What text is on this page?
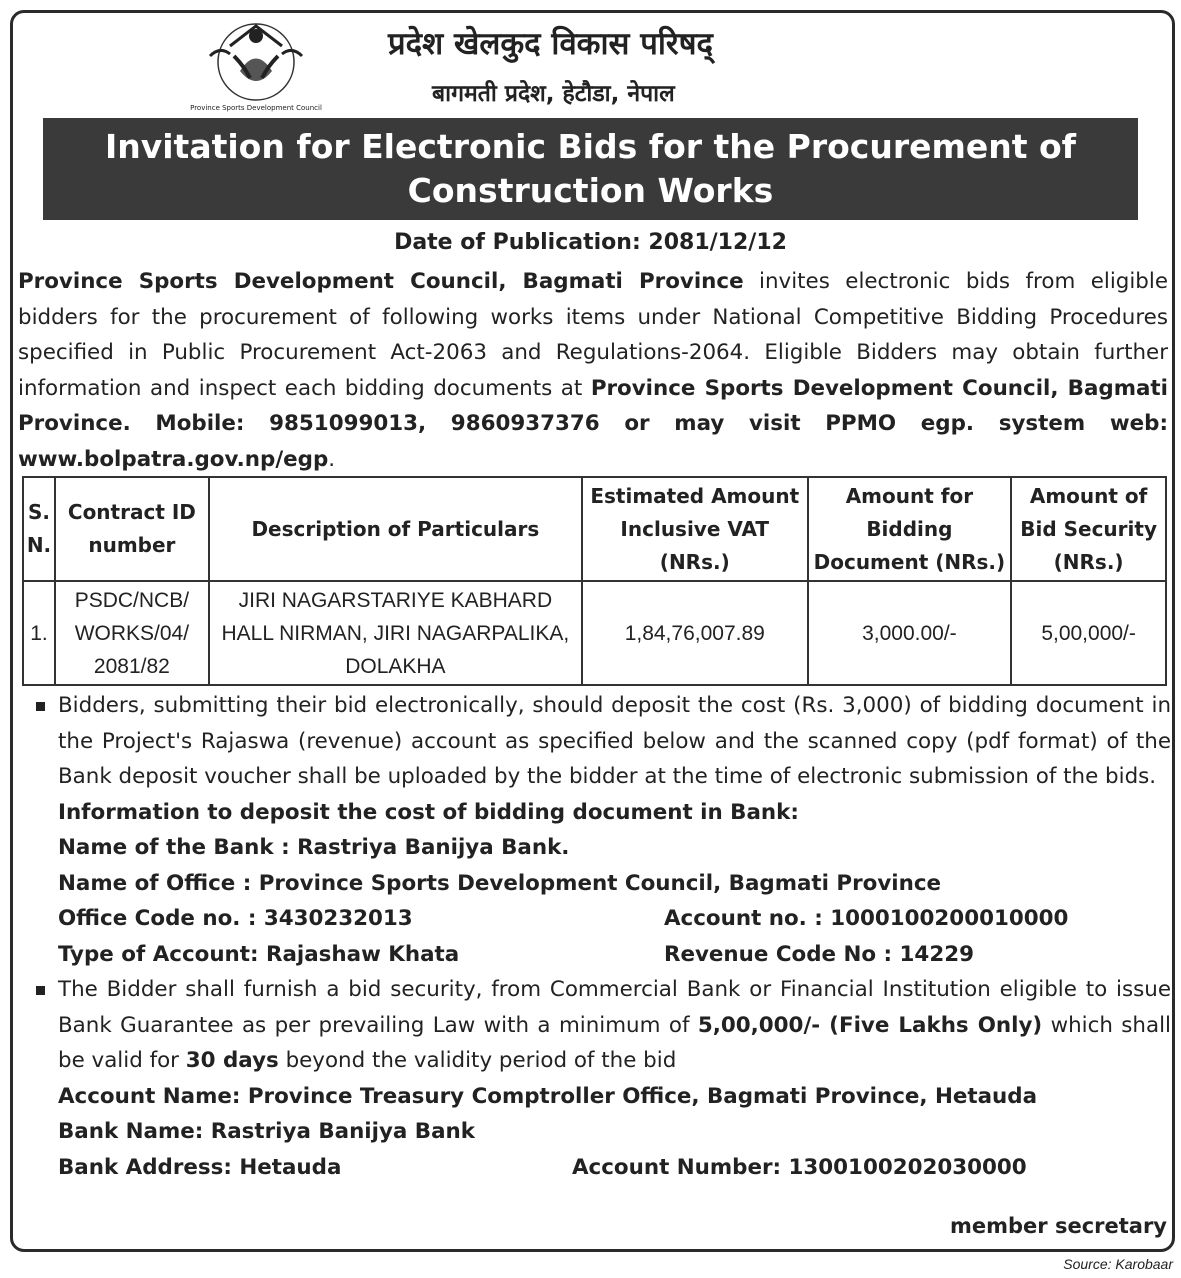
Province Sports Development Council
प्रदेश खेलकुद विकास परिषद्
बागमती प्रदेश, हेटौडा, नेपाल
Invitation for Electronic Bids for the Procurement of
Construction Works
Date of Publication: 2081/12/12
Province Sports Development Council, Bagmati Province invites electronic bids from eligible bidders for the procurement of following works items under National Competitive Bidding Procedures specified in Public Procurement Act-2063 and Regulations-2064. Eligible Bidders may obtain further information and inspect each bidding documents at Province Sports Development Council, Bagmati Province. Mobile: 9851099013, 9860937376 or may visit PPMO egp. system web: www.bolpatra.gov.np/egp.
S. N.	Contract ID number	Description of Particulars	Estimated Amount Inclusive VAT (NRs.)	Amount for Bidding Document (NRs.)	Amount of Bid Security (NRs.)
1.	PSDC/NCB/ WORKS/04/ 2081/82	JIRI NAGARSTARIYE KABHARD HALL NIRMAN, JIRI NAGARPALIKA, DOLAKHA	1,84,76,007.89	3,000.00/-	5,00,000/-
Bidders, submitting their bid electronically, should deposit the cost (Rs. 3,000) of bidding document in the Project's Rajaswa (revenue) account as specified below and the scanned copy (pdf format) of the Bank deposit voucher shall be uploaded by the bidder at the time of electronic submission of the bids.
Information to deposit the cost of bidding document in Bank:
Name of the Bank : Rastriya Banijya Bank.
Name of Office : Province Sports Development Council, Bagmati Province
Office Code no. : 3430232013	Account no. : 1000100200010000
Type of Account: Rajashaw Khata	Revenue Code No : 14229
The Bidder shall furnish a bid security, from Commercial Bank or Financial Institution eligible to issue Bank Guarantee as per prevailing Law with a minimum of 5,00,000/- (Five Lakhs Only) which shall be valid for 30 days beyond the validity period of the bid
Account Name: Province Treasury Comptroller Office, Bagmati Province, Hetauda
Bank Name: Rastriya Banijya Bank
Bank Address: Hetauda	Account Number: 1300100202030000
member secretary
Source: Karobaar
